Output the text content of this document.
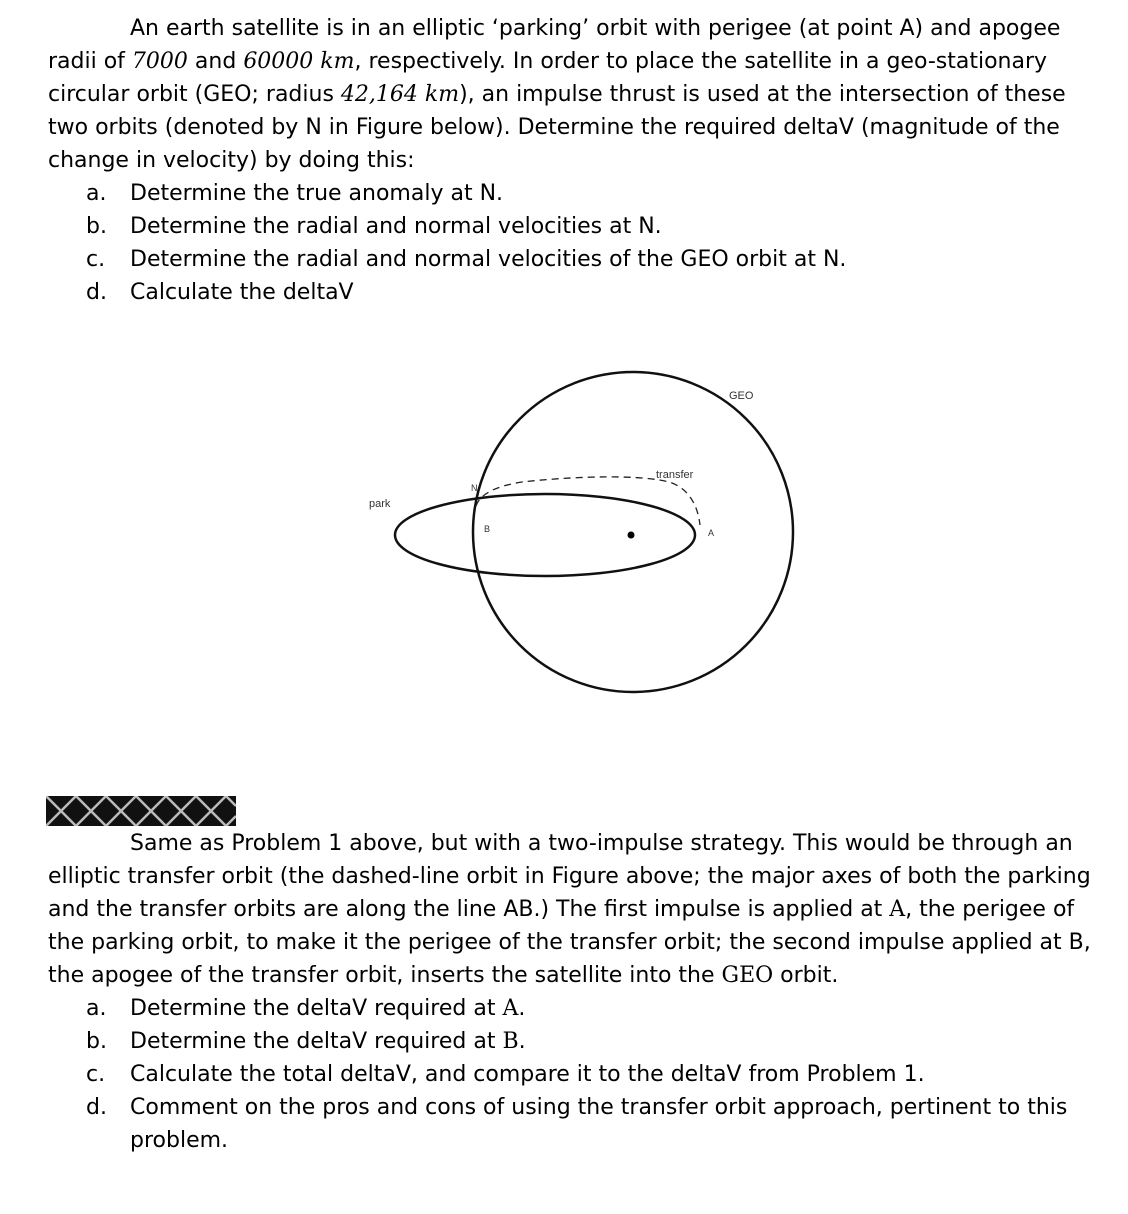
An earth satellite is in an elliptic ‘parking’ orbit with perigee (at point A) and apogee radii of 7000 and 60000 km, respectively. In order to place the satellite in a geo-stationary circular orbit (GEO; radius 42,164 km), an impulse thrust is used at the intersection of these two orbits (denoted by N in Figure below). Determine the required deltaV (magnitude of the change in velocity) by doing this:

a.	Determine the true anomaly at N.
b.	Determine the radial and normal velocities at N.
c.	Determine the radial and normal velocities of the GEO orbit at N.
d.	Calculate the deltaV
GEO
transfer
park
N
B	A

Same as Problem 1 above, but with a two-impulse strategy. This would be through an elliptic transfer orbit (the dashed-line orbit in Figure above; the major axes of both the parking and the transfer orbits are along the line AB.) The first impulse is applied at A, the perigee of the parking orbit, to make it the perigee of the transfer orbit; the second impulse applied at B, the apogee of the transfer orbit, inserts the satellite into the GEO orbit.

a.	Determine the deltaV required at A.
b.	Determine the deltaV required at B.
c.	Calculate the total deltaV, and compare it to the deltaV from Problem 1.
d.	Comment on the pros and cons of using the transfer orbit approach, pertinent to this problem.
